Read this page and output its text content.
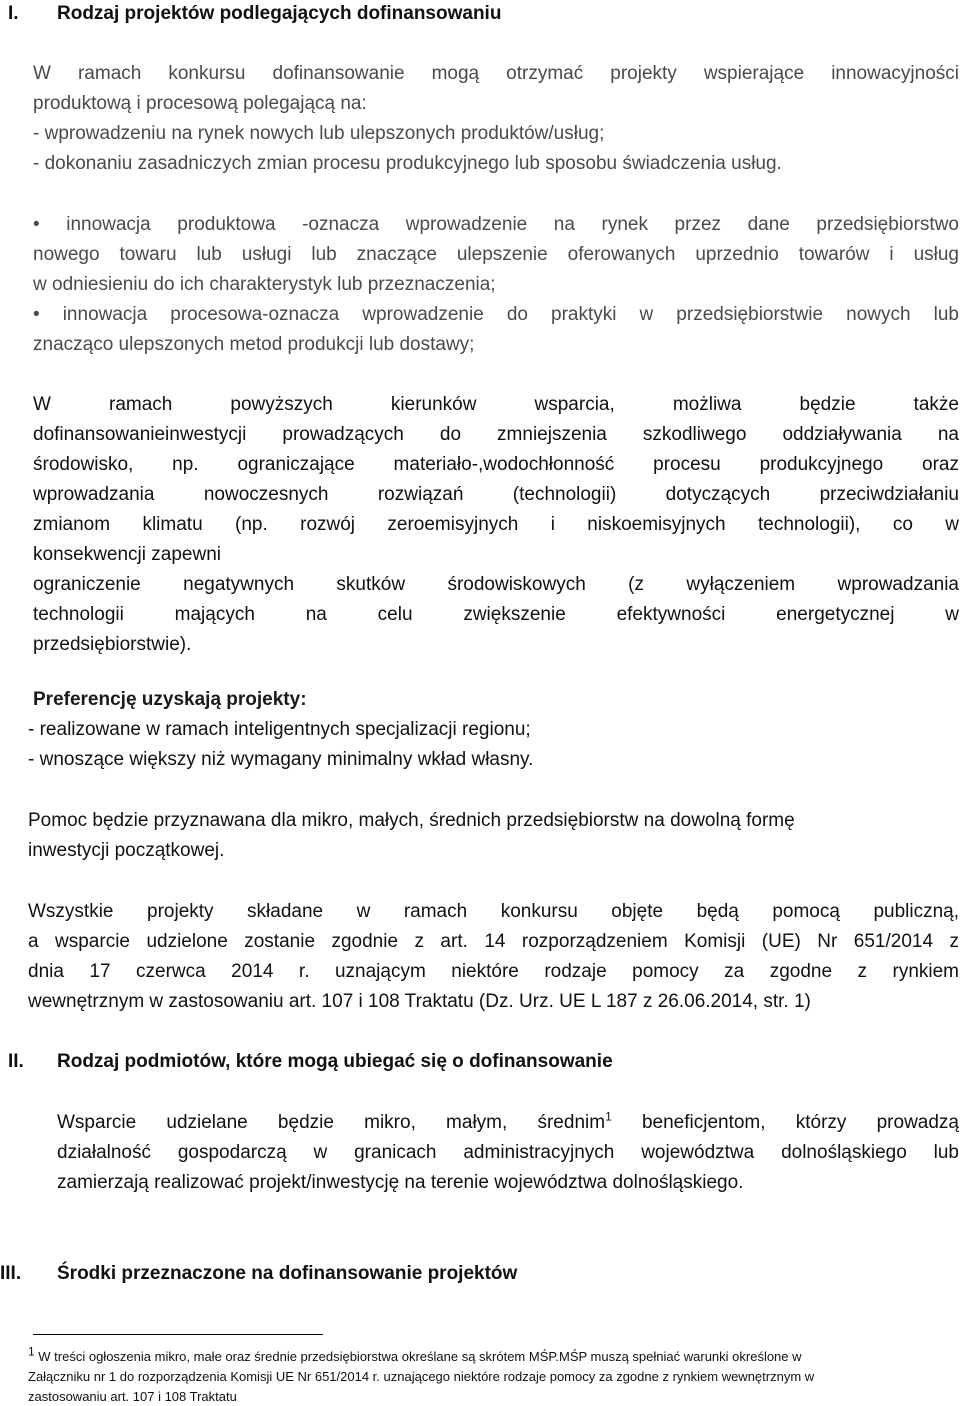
I. Rodzaj projektów podlegających dofinansowaniu
W ramach konkursu dofinansowanie mogą otrzymać projekty wspierające innowacyjności
produktową i procesową polegającą na:
- wprowadzeniu na rynek nowych lub ulepszonych produktów/usług;
- dokonaniu zasadniczych zmian procesu produkcyjnego lub sposobu świadczenia usług.
• innowacja produktowa -oznacza wprowadzenie na rynek przez dane przedsiębiorstwo
nowego towaru lub usługi lub znaczące ulepszenie oferowanych uprzednio towarów i usług
w odniesieniu do ich charakterystyk lub przeznaczenia;
• innowacja procesowa-oznacza wprowadzenie do praktyki w przedsiębiorstwie nowych lub
znacząco ulepszonych metod produkcji lub dostawy;
W ramach powyższych kierunków wsparcia, możliwa będzie także
dofinansowanieinwestycji prowadzących do zmniejszenia szkodliwego oddziaływania na
środowisko, np. ograniczające materiało-,wodochłonność procesu produkcyjnego oraz
wprowadzania nowoczesnych rozwiązań (technologii) dotyczących przeciwdziałaniu
zmianom klimatu (np. rozwój zeroemisyjnych i niskoemisyjnych technologii), co w
konsekwencji zapewni
ograniczenie negatywnych skutków środowiskowych (z wyłączeniem wprowadzania
technologii mających na celu zwiększenie efektywności energetycznej w
przedsiębiorstwie).
Preferencję uzyskają projekty:
- realizowane w ramach inteligentnych specjalizacji regionu;
- wnoszące większy niż wymagany minimalny wkład własny.
Pomoc będzie przyznawana dla mikro, małych, średnich przedsiębiorstw na dowolną formę
inwestycji początkowej.
Wszystkie projekty składane w ramach konkursu objęte będą pomocą publiczną,
a wsparcie udzielone zostanie zgodnie z art. 14 rozporządzeniem Komisji (UE) Nr 651/2014 z
dnia 17 czerwca 2014 r. uznającym niektóre rodzaje pomocy za zgodne z rynkiem
wewnętrznym w zastosowaniu art. 107 i 108 Traktatu (Dz. Urz. UE L 187 z 26.06.2014, str. 1)
II. Rodzaj podmiotów, które mogą ubiegać się o dofinansowanie
Wsparcie udzielane będzie mikro, małym, średnim$^1$ beneficjentom, którzy prowadzą
działalność gospodarczą w granicach administracyjnych województwa dolnośląskiego lub
zamierzają realizować projekt/inwestycję na terenie województwa dolnośląskiego.
III. Środki przeznaczone na dofinansowanie projektów
$^1$ W treści ogłoszenia mikro, małe oraz średnie przedsiębiorstwa określane są skrótem MŚP.MŚP muszą spełniać warunki określone w
Załączniku nr 1 do rozporządzenia Komisji UE Nr 651/2014 r. uznającego niektóre rodzaje pomocy za zgodne z rynkiem wewnętrznym w
zastosowaniu art. 107 i 108 Traktatu
